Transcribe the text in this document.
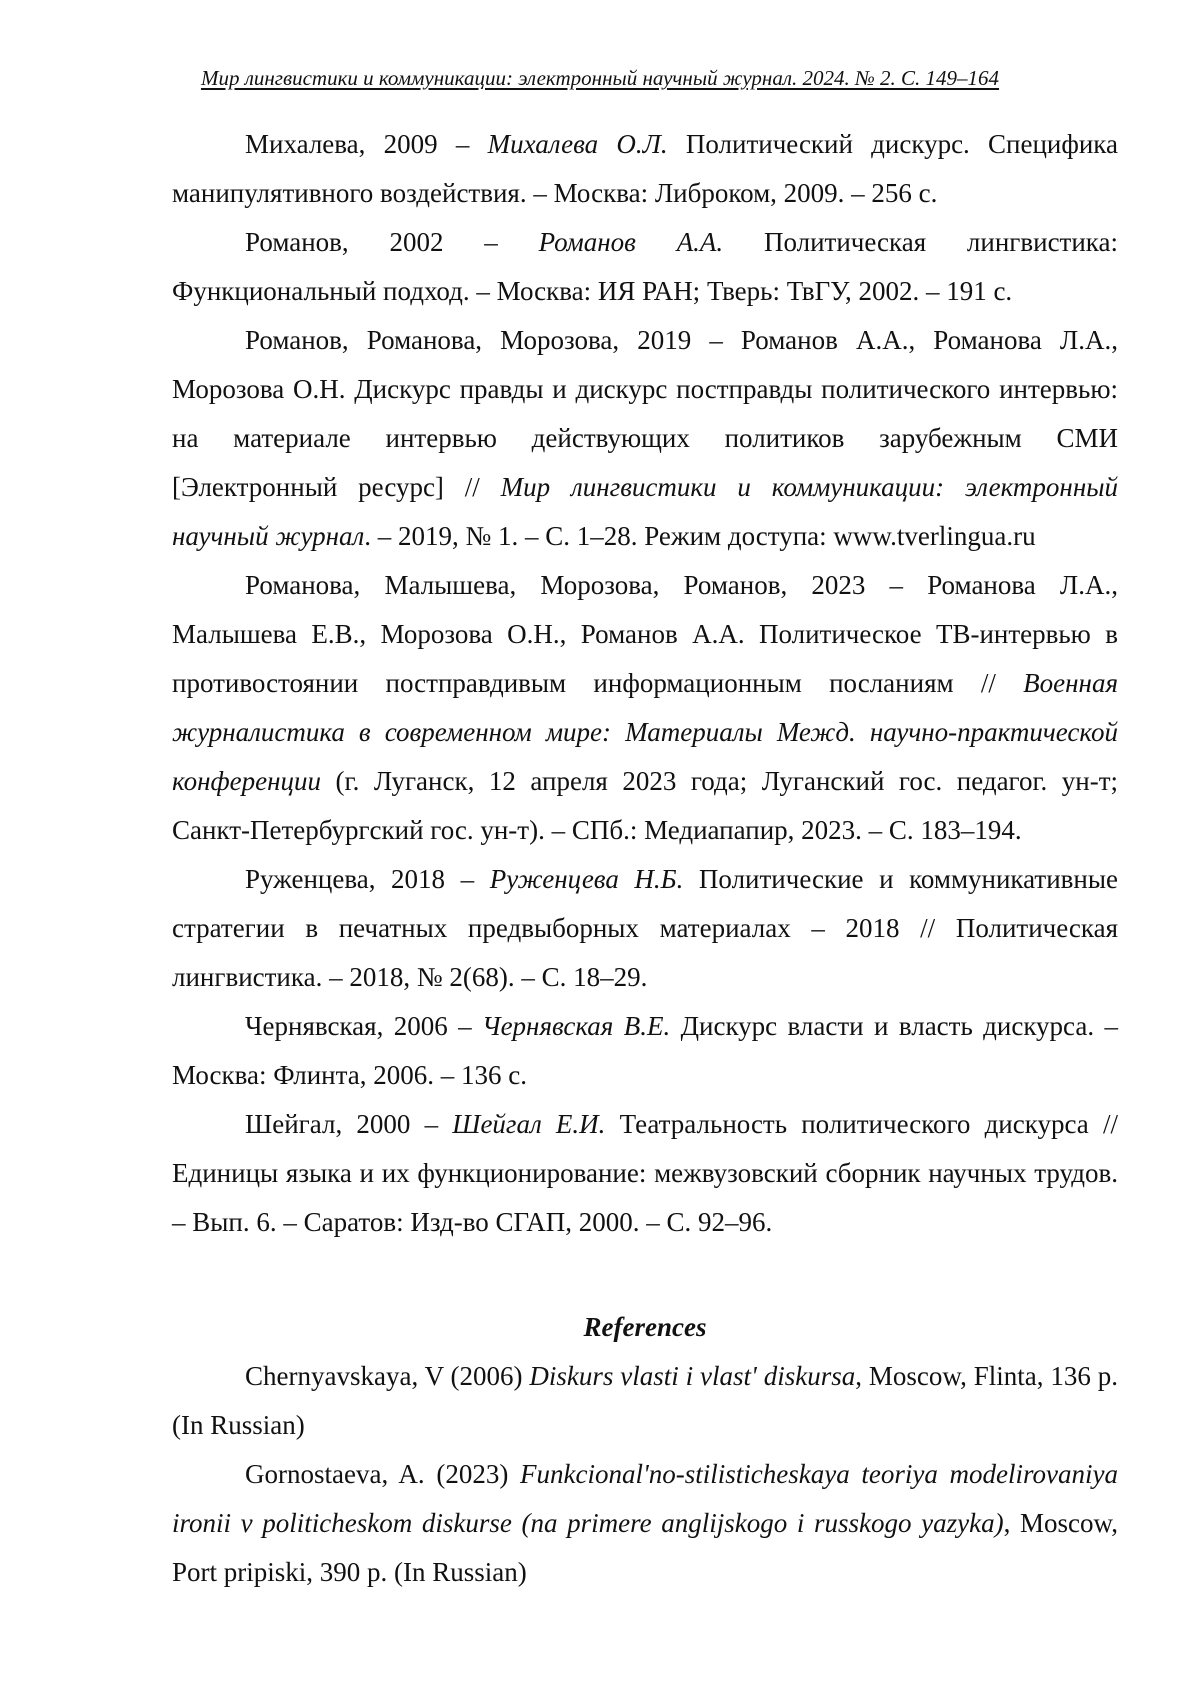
Мир лингвистики и коммуникации: электронный научный журнал. 2024. № 2. С. 149–164

Михалева, 2009 – Михалева О.Л. Политический дискурс. Специфика манипулятивного воздействия. – Москва: Либроком, 2009. – 256 с.

Романов, 2002 – Романов А.А. Политическая лингвистика: Функциональный подход. – Москва: ИЯ РАН; Тверь: ТвГУ, 2002. – 191 с.

Романов, Романова, Морозова, 2019 – Романов А.А., Романова Л.А., Морозова О.Н. Дискурс правды и дискурс постправды политического интервью: на материале интервью действующих политиков зарубежным СМИ [Электронный ресурс] // Мир лингвистики и коммуникации: электронный научный журнал. – 2019, № 1. – С. 1–28. Режим доступа: www.tverlingua.ru

Романова, Малышева, Морозова, Романов, 2023 – Романова Л.А., Малышева Е.В., Морозова О.Н., Романов А.А. Политическое ТВ-интервью в противостоянии постправдивым информационным посланиям // Военная журналистика в современном мире: Материалы Межд. научно-практической конференции (г. Луганск, 12 апреля 2023 года; Луганский гос. педагог. ун-т; Санкт-Петербургский гос. ун-т). – СПб.: Медиапапир, 2023. – С. 183–194.

Руженцева, 2018 – Руженцева Н.Б. Политические и коммуникативные стратегии в печатных предвыборных материалах – 2018 // Политическая лингвистика. – 2018, № 2(68). – С. 18–29.

Чернявская, 2006 – Чернявская В.Е. Дискурс власти и власть дискурса. – Москва: Флинта, 2006. – 136 с.

Шейгал, 2000 – Шейгал Е.И. Театральность политического дискурса // Единицы языка и их функционирование: межвузовский сборник научных трудов. – Вып. 6. – Саратов: Изд-во СГАП, 2000. – С. 92–96.

References

Chernyavskaya, V (2006) Diskurs vlasti i vlast' diskursa, Moscow, Flinta, 136 p. (In Russian)

Gornostaeva, A. (2023) Funkcional'no-stilisticheskaya teoriya modelirovaniya ironii v politicheskom diskurse (na primere anglijskogo i russkogo yazyka), Moscow, Port pripiski, 390 p. (In Russian)
